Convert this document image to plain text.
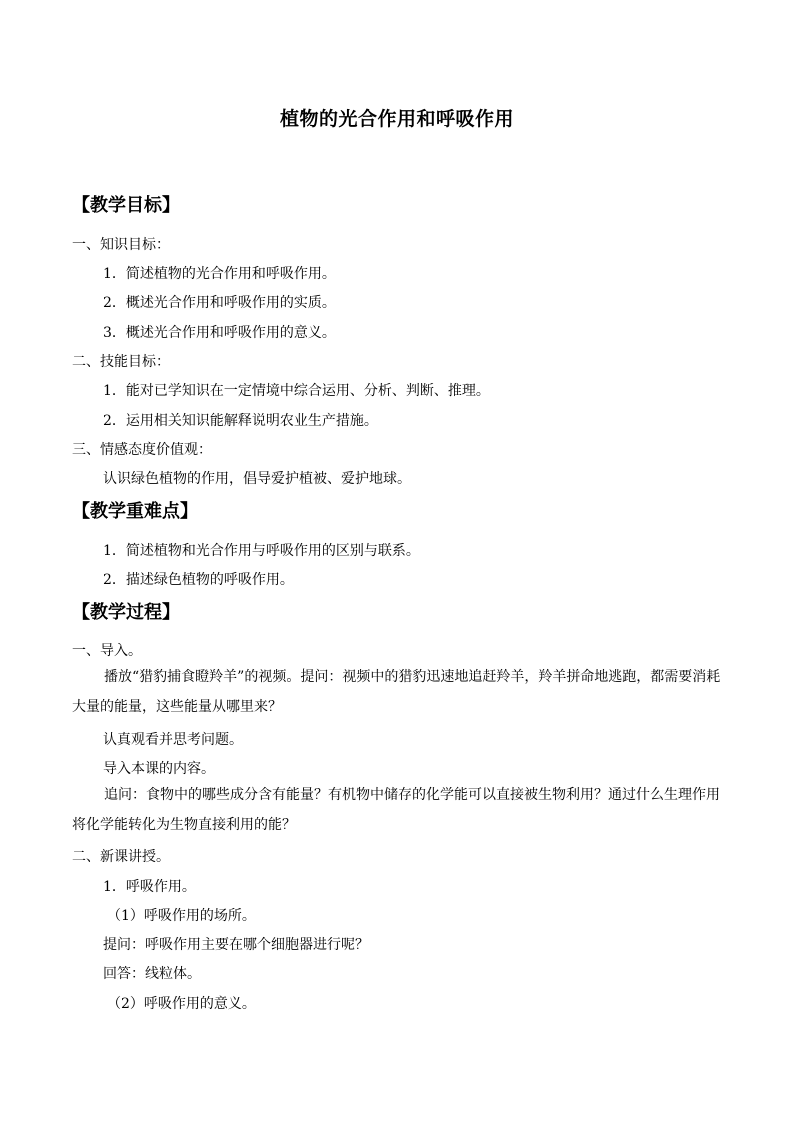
植物的光合作用和呼吸作用
【教学目标】
一、知识目标：
1．简述植物的光合作用和呼吸作用。
2．概述光合作用和呼吸作用的实质。
3．概述光合作用和呼吸作用的意义。
二、技能目标：
1．能对已学知识在一定情境中综合运用、分析、判断、推理。
2．运用相关知识能解释说明农业生产措施。
三、情感态度价值观：
认识绿色植物的作用，倡导爱护植被、爱护地球。
【教学重难点】
1．简述植物和光合作用与呼吸作用的区别与联系。
2．描述绿色植物的呼吸作用。
【教学过程】
一、导入。
播放“猎豹捕食瞪羚羊”的视频。提问：视频中的猎豹迅速地追赶羚羊，羚羊拼命地逃跑，都需要消耗大量的能量，这些能量从哪里来？
认真观看并思考问题。
导入本课的内容。
追问：食物中的哪些成分含有能量？有机物中储存的化学能可以直接被生物利用？通过什么生理作用将化学能转化为生物直接利用的能？
二、新课讲授。
1．呼吸作用。
（1）呼吸作用的场所。
提问：呼吸作用主要在哪个细胞器进行呢？
回答：线粒体。
（2）呼吸作用的意义。
